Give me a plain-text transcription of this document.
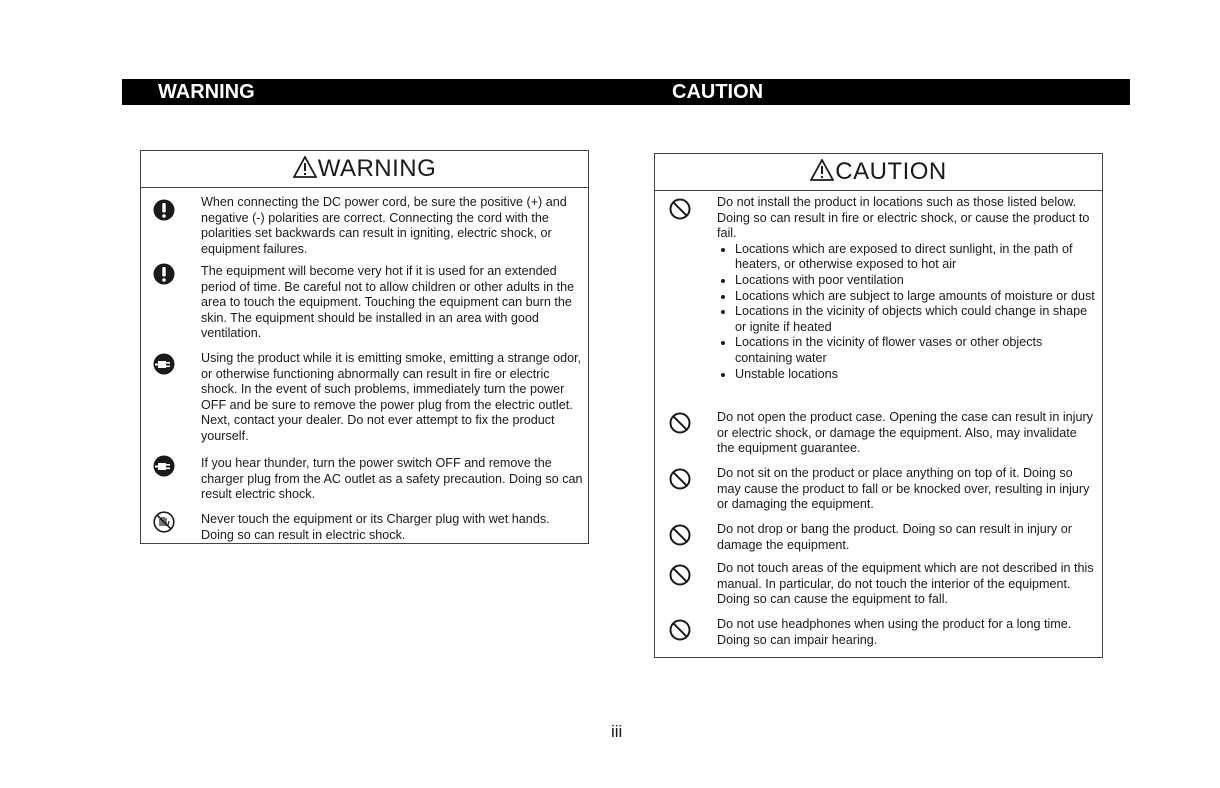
WARNING	CAUTION
WARNING
When connecting the DC power cord, be sure the positive (+) and negative (-) polarities are correct. Connecting the cord with the polarities set backwards can result in igniting, electric shock, or equipment failures.
The equipment will become very hot if it is used for an extended period of time. Be careful not to allow children or other adults in the area to touch the equipment. Touching the equipment can burn the skin. The equipment should be installed in an area with good ventilation.
Using the product while it is emitting smoke, emitting a strange odor, or otherwise functioning abnormally can result in fire or electric shock. In the event of such problems, immediately turn the power OFF and be sure to remove the power plug from the electric outlet. Next, contact your dealer. Do not ever attempt to fix the product yourself.
If you hear thunder, turn the power switch OFF and remove the charger plug from the AC outlet as a safety precaution. Doing so can result electric shock.
Never touch the equipment or its Charger plug with wet hands. Doing so can result in electric shock.
CAUTION
Do not install the product in locations such as those listed below. Doing so can result in fire or electric shock, or cause the product to fail.
Locations which are exposed to direct sunlight, in the path of heaters, or otherwise exposed to hot air
Locations with poor ventilation
Locations which are subject to large amounts of moisture or dust
Locations in the vicinity of objects which could change in shape or ignite if heated
Locations in the vicinity of flower vases or other objects containing water
Unstable locations
Do not open the product case. Opening the case can result in injury or electric shock, or damage the equipment. Also, may invalidate the equipment guarantee.
Do not sit on the product or place anything on top of it. Doing so may cause the product to fall or be knocked over, resulting in injury or damaging the equipment.
Do not drop or bang the product. Doing so can result in injury or damage the equipment.
Do not touch areas of the equipment which are not described in this manual. In particular, do not touch the interior of the equipment. Doing so can cause the equipment to fall.
Do not use headphones when using the product for a long time. Doing so can impair hearing.
iii
